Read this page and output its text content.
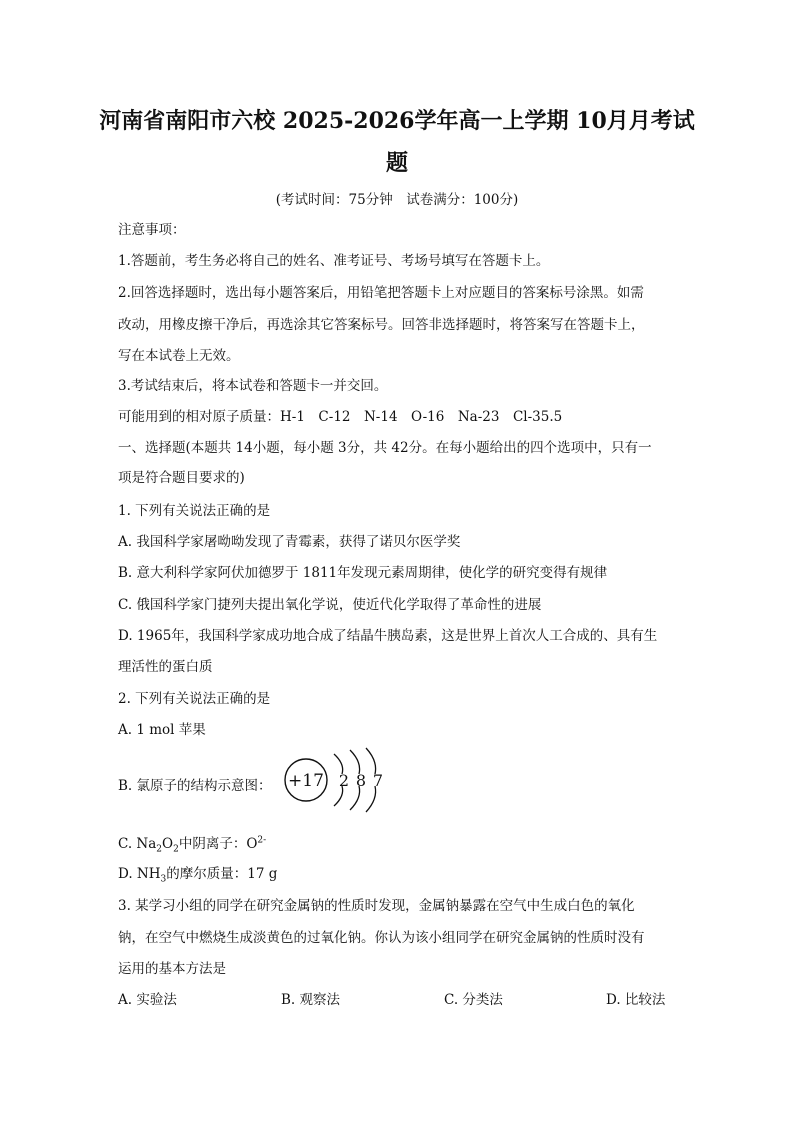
河南省南阳市六校 2025-2026学年高一上学期 10月月考试
题
(考试时间：75分钟　试卷满分：100分)
注意事项：
1.答题前，考生务必将自己的姓名、准考证号、考场号填写在答题卡上。
2.回答选择题时，选出每小题答案后，用铅笔把答题卡上对应题目的答案标号涂黑。如需
改动，用橡皮擦干净后，再选涂其它答案标号。回答非选择题时，将答案写在答题卡上，
写在本试卷上无效。
3.考试结束后，将本试卷和答题卡一并交回。
可能用到的相对原子质量：H-1　C-12　N-14　O-16　Na-23　Cl-35.5
一、选择题(本题共 14小题，每小题 3分，共 42分。在每小题给出的四个选项中，只有一
项是符合题目要求的)
1. 下列有关说法正确的是
A. 我国科学家屠呦呦发现了青霉素，获得了诺贝尔医学奖
B. 意大利科学家阿伏加德罗于 1811年发现元素周期律，使化学的研究变得有规律
C. 俄国科学家门捷列夫提出氧化学说，使近代化学取得了革命性的进展
D. 1965年，我国科学家成功地合成了结晶牛胰岛素，这是世界上首次人工合成的、具有生
理活性的蛋白质
2. 下列有关说法正确的是
A. 1 mol 苹果
B. 氯原子的结构示意图： +17 2 8 7
C. $Na_2O_2$中阴离子：$O^{2-}$
D. $NH_3$的摩尔质量：17 g
3. 某学习小组的同学在研究金属钠的性质时发现，金属钠暴露在空气中生成白色的氧化
钠，在空气中燃烧生成淡黄色的过氧化钠。你认为该小组同学在研究金属钠的性质时没有
运用的基本方法是
A. 实验法	B. 观察法	C. 分类法	D. 比较法
